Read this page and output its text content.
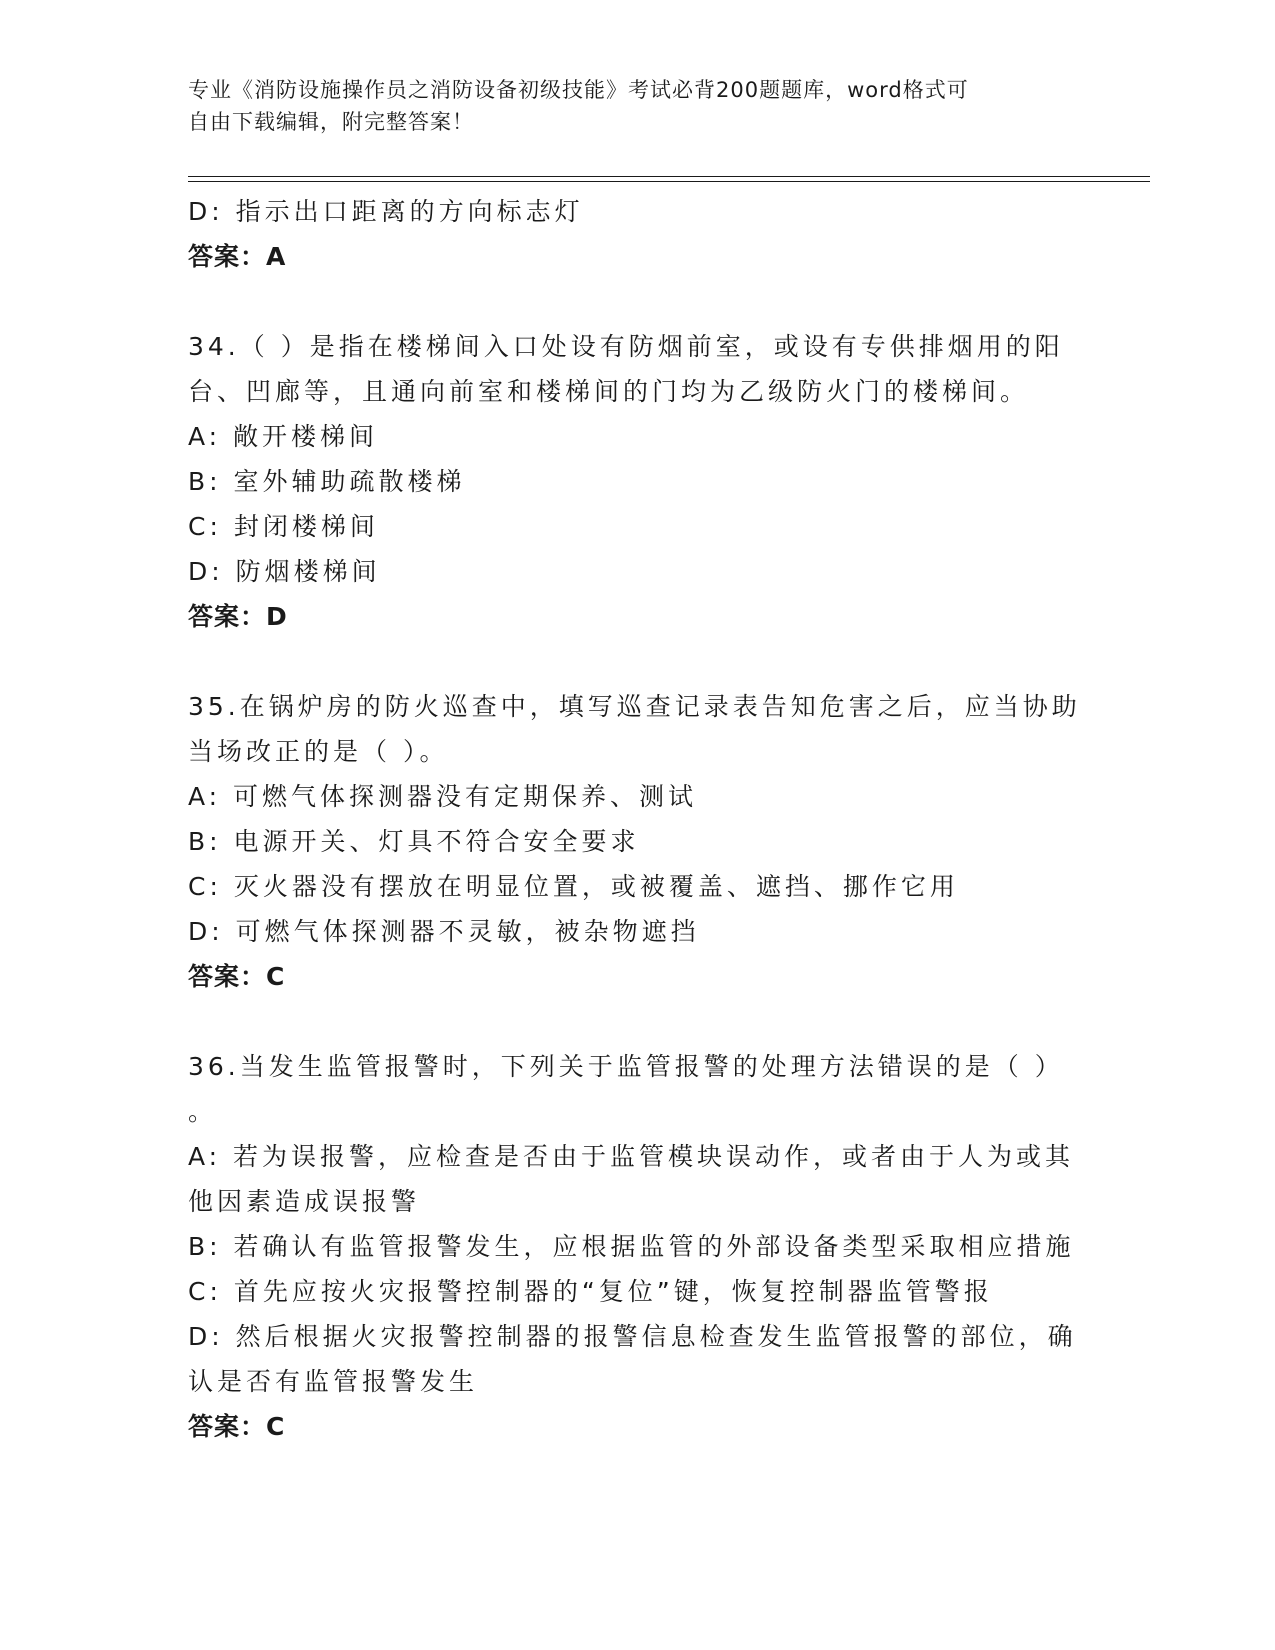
专业《消防设施操作员之消防设备初级技能》考试必背200题题库，word格式可
自由下载编辑，附完整答案！
D: 指示出口距离的方向标志灯
答案：A
34.（ ）是指在楼梯间入口处设有防烟前室，或设有专供排烟用的阳
台、凹廊等，且通向前室和楼梯间的门均为乙级防火门的楼梯间。
A: 敞开楼梯间
B: 室外辅助疏散楼梯
C: 封闭楼梯间
D: 防烟楼梯间
答案：D
35.在锅炉房的防火巡查中，填写巡查记录表告知危害之后，应当协助
当场改正的是（ ）。
A: 可燃气体探测器没有定期保养、测试
B: 电源开关、灯具不符合安全要求
C: 灭火器没有摆放在明显位置，或被覆盖、遮挡、挪作它用
D: 可燃气体探测器不灵敏，被杂物遮挡
答案：C
36.当发生监管报警时，下列关于监管报警的处理方法错误的是（ ）
。
A: 若为误报警，应检查是否由于监管模块误动作，或者由于人为或其
他因素造成误报警
B: 若确认有监管报警发生，应根据监管的外部设备类型采取相应措施
C: 首先应按火灾报警控制器的“复位”键，恢复控制器监管警报
D: 然后根据火灾报警控制器的报警信息检查发生监管报警的部位，确
认是否有监管报警发生
答案：C
